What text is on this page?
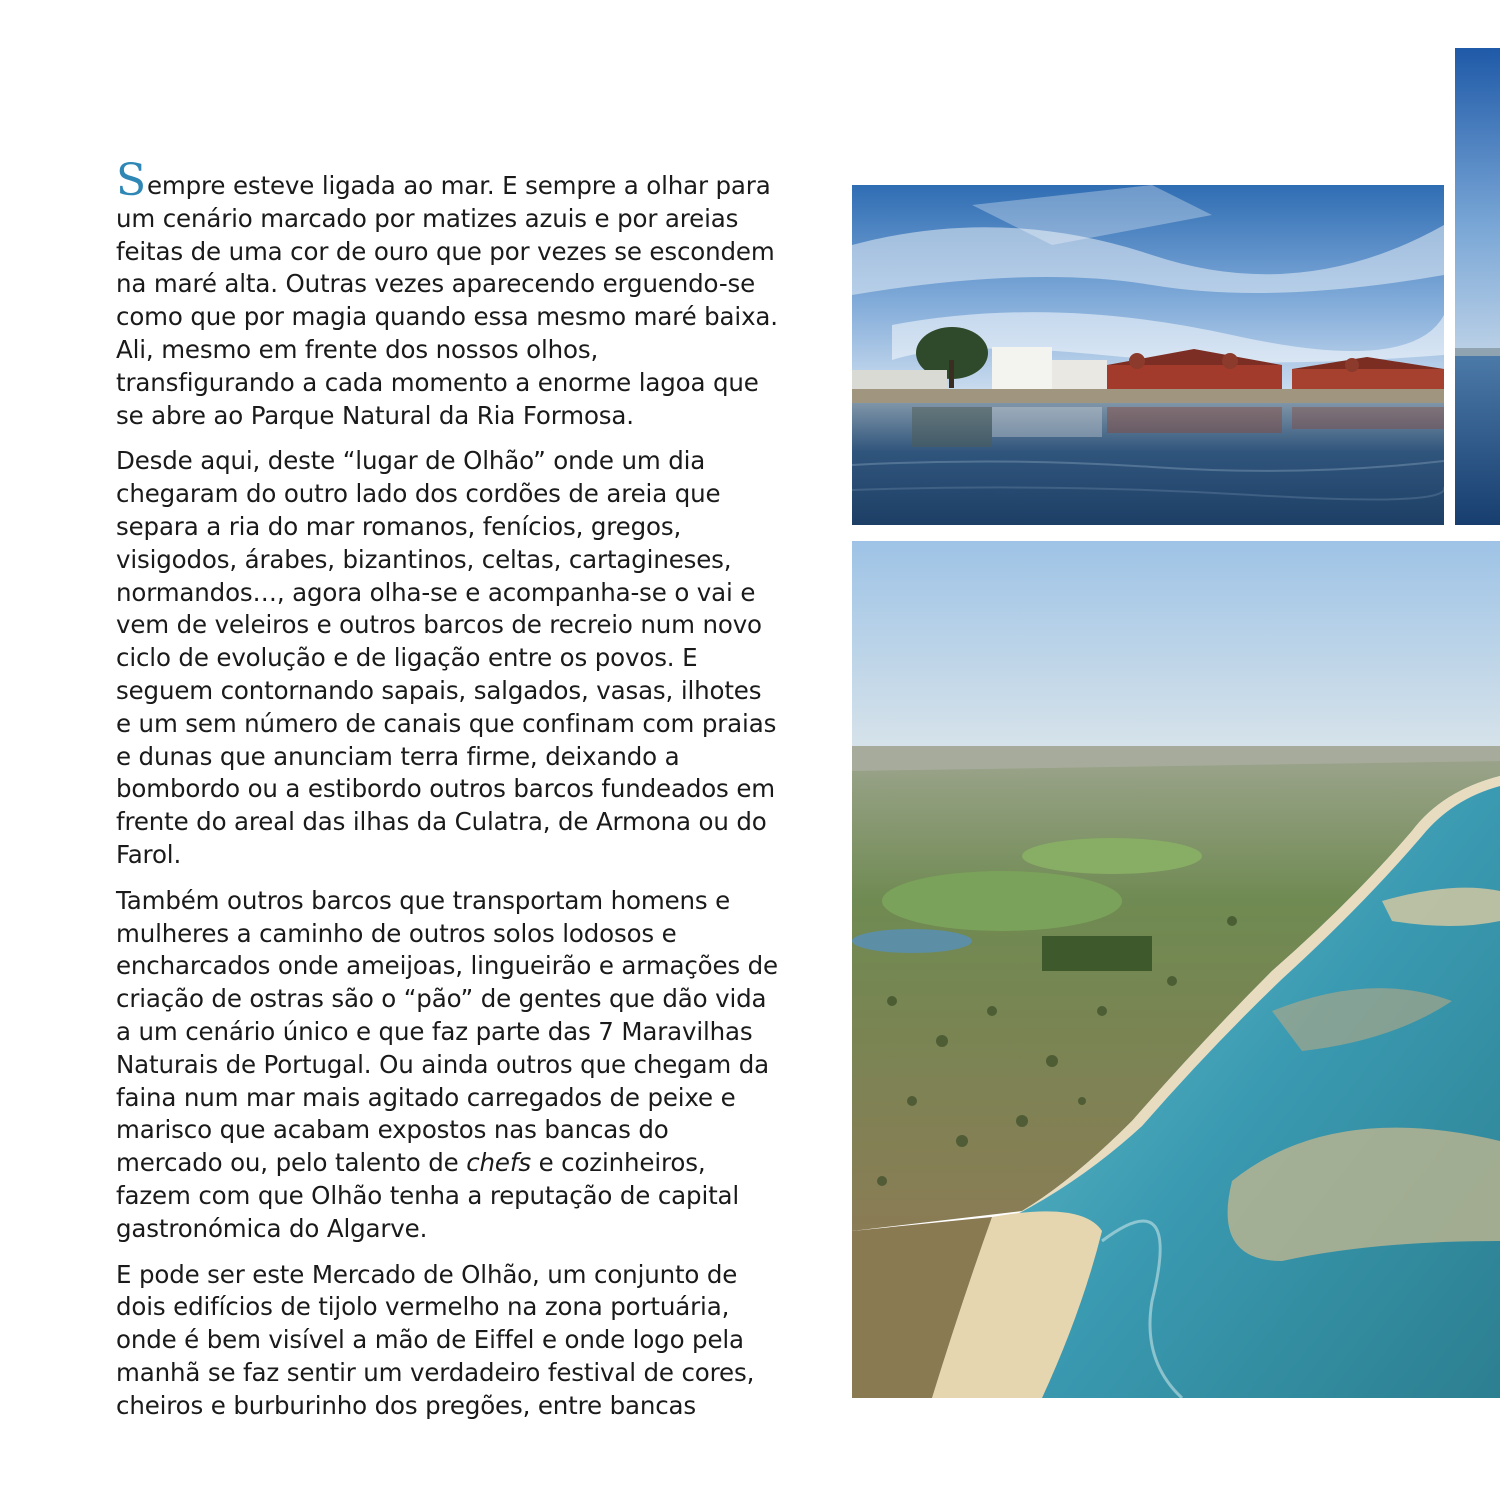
Sempre esteve ligada ao mar. E sempre a olhar para um cenário marcado por matizes azuis e por areias feitas de uma cor de ouro que por vezes se escondem na maré alta. Outras vezes aparecendo erguendo-se como que por magia quando essa mesmo maré baixa. Ali, mesmo em frente dos nossos olhos, transfigurando a cada momento a enorme lagoa que se abre ao Parque Natural da Ria Formosa.

Desde aqui, deste “lugar de Olhão” onde um dia chegaram do outro lado dos cordões de areia que separa a ria do mar romanos, fenícios, gregos, visigodos, árabes, bizantinos, celtas, cartagineses, normandos…, agora olha-se e acompanha-se o vai e vem de veleiros e outros barcos de recreio num novo ciclo de evolução e de ligação entre os povos. E seguem contornando sapais, salgados, vasas, ilhotes e um sem número de canais que confinam com praias e dunas que anunciam terra firme, deixando a bombordo ou a estibordo outros barcos fundeados em frente do areal das ilhas da Culatra, de Armona ou do Farol.

Também outros barcos que transportam homens e mulheres a caminho de outros solos lodosos e encharcados onde ameijoas, lingueirão e armações de criação de ostras são o “pão” de gentes que dão vida a um cenário único e que faz parte das 7 Maravilhas Naturais de Portugal. Ou ainda outros que chegam da faina num mar mais agitado carregados de peixe e marisco que acabam expostos nas bancas do mercado ou, pelo talento de chefs e cozinheiros, fazem com que Olhão tenha a reputação de capital gastronómica do Algarve.

E pode ser este Mercado de Olhão, um conjunto de dois edifícios de tijolo vermelho na zona portuária, onde é bem visível a mão de Eiffel e onde logo pela manhã se faz sentir um verdadeiro festival de cores, cheiros e burburinho dos pregões, entre bancas
